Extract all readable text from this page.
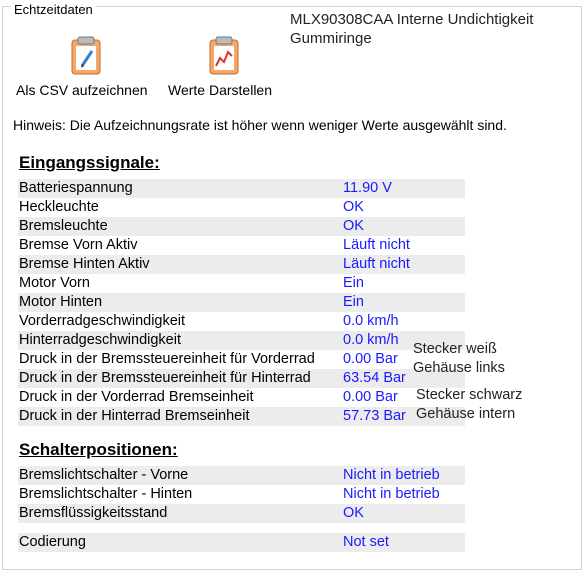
Echtzeitdaten
Als CSV aufzeichnen Werte Darstellen
MLX90308CAA Interne Undichtigkeit
Gummiringe
Hinweis: Die Aufzeichnungsrate ist höher wenn weniger Werte ausgewählt sind.
Eingangssignale:
Batteriespannung	11.90 V
Heckleuchte	OK
Bremsleuchte	OK
Bremse Vorn Aktiv	Läuft nicht
Bremse Hinten Aktiv	Läuft nicht
Motor Vorn	Ein
Motor Hinten	Ein
Vorderradgeschwindigkeit	0.0 km/h
Hinterradgeschwindigkeit	0.0 km/h
Druck in der Bremssteuereinheit für Vorderrad	0.00 Bar
Druck in der Bremssteuereinheit für Hinterrad	63.54 Bar
Druck in der Vorderrad Bremseinheit	0.00 Bar
Druck in der Hinterrad Bremseinheit	57.73 Bar
Stecker weiß
Gehäuse links
Stecker schwarz
Gehäuse intern
Schalterpositionen:
Bremslichtschalter - Vorne	Nicht in betrieb
Bremslichtschalter - Hinten	Nicht in betrieb
Bremsflüssigkeitsstand	OK
Codierung	Not set
